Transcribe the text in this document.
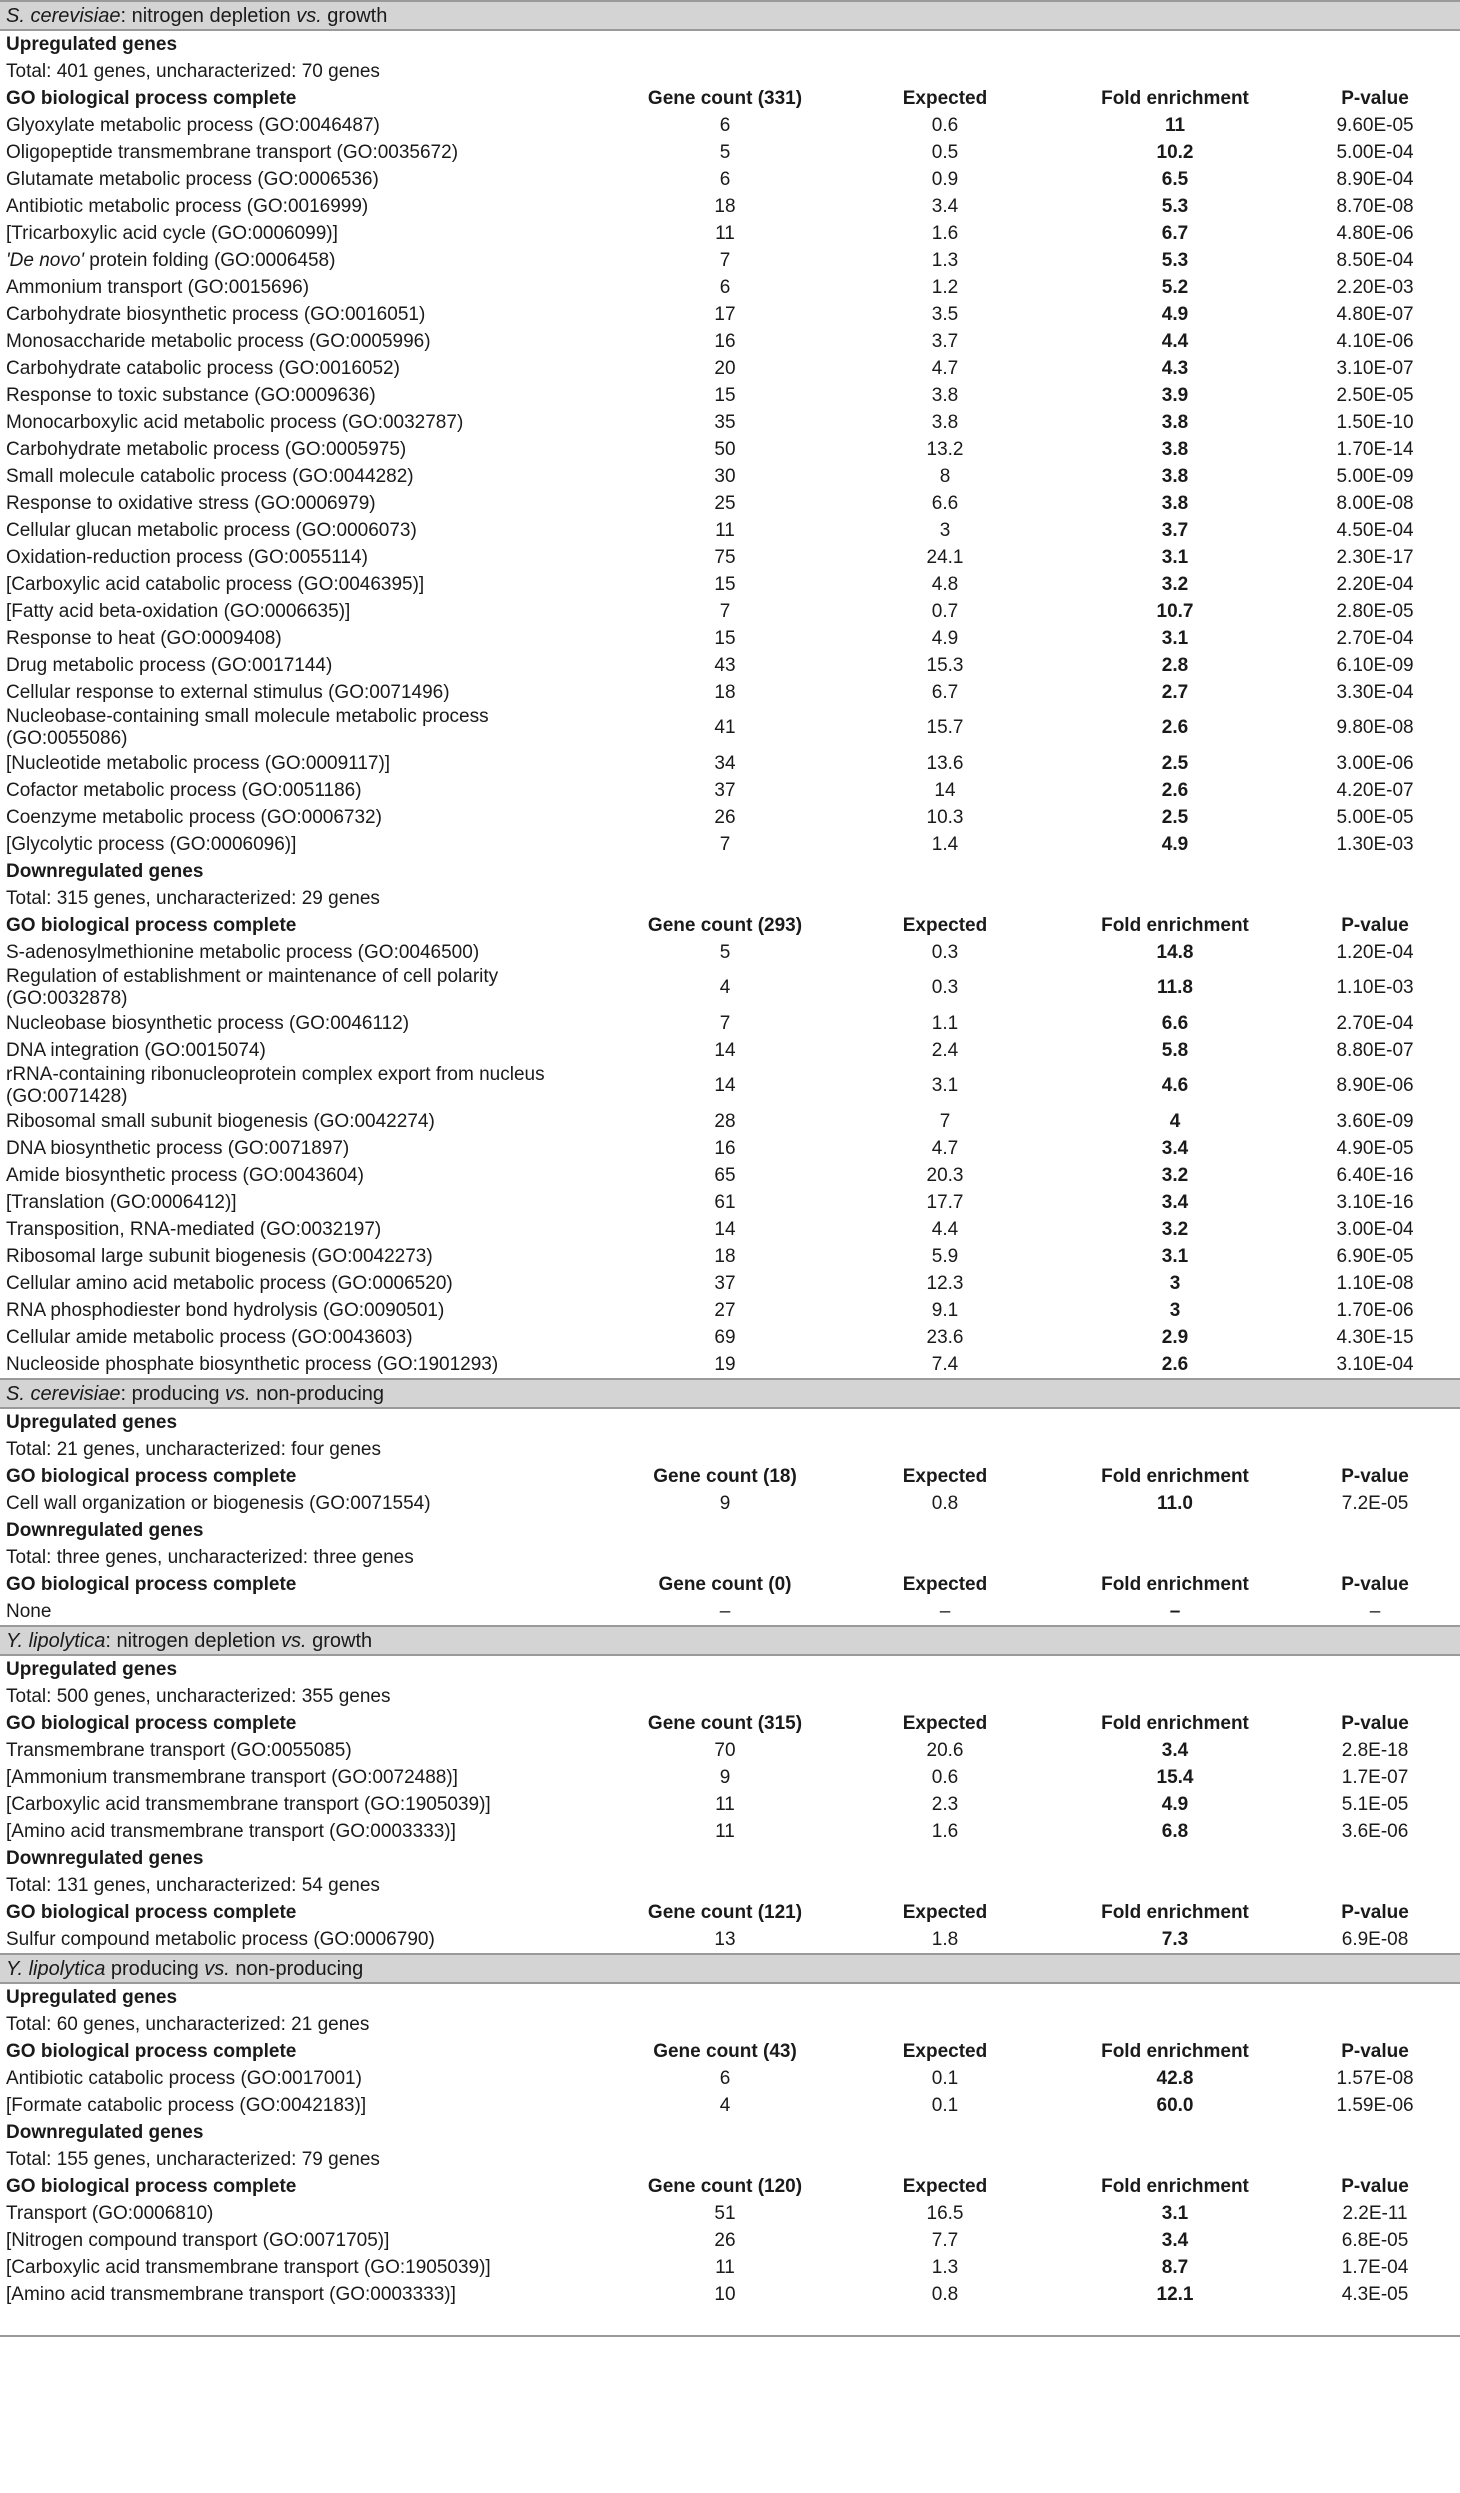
S. cerevisiae: nitrogen depletion vs. growth				
Upregulated genes				
Total: 401 genes, uncharacterized: 70 genes				
GO biological process complete	Gene count (331)	Expected	Fold enrichment	P-value
Glyoxylate metabolic process (GO:0046487)	6	0.6	11	9.60E-05
Oligopeptide transmembrane transport (GO:0035672)	5	0.5	10.2	5.00E-04
Glutamate metabolic process (GO:0006536)	6	0.9	6.5	8.90E-04
Antibiotic metabolic process (GO:0016999)	18	3.4	5.3	8.70E-08
[Tricarboxylic acid cycle (GO:0006099)]	11	1.6	6.7	4.80E-06
'De novo' protein folding (GO:0006458)	7	1.3	5.3	8.50E-04
Ammonium transport (GO:0015696)	6	1.2	5.2	2.20E-03
Carbohydrate biosynthetic process (GO:0016051)	17	3.5	4.9	4.80E-07
Monosaccharide metabolic process (GO:0005996)	16	3.7	4.4	4.10E-06
Carbohydrate catabolic process (GO:0016052)	20	4.7	4.3	3.10E-07
Response to toxic substance (GO:0009636)	15	3.8	3.9	2.50E-05
Monocarboxylic acid metabolic process (GO:0032787)	35	3.8	3.8	1.50E-10
Carbohydrate metabolic process (GO:0005975)	50	13.2	3.8	1.70E-14
Small molecule catabolic process (GO:0044282)	30	8	3.8	5.00E-09
Response to oxidative stress (GO:0006979)	25	6.6	3.8	8.00E-08
Cellular glucan metabolic process (GO:0006073)	11	3	3.7	4.50E-04
Oxidation-reduction process (GO:0055114)	75	24.1	3.1	2.30E-17
[Carboxylic acid catabolic process (GO:0046395)]	15	4.8	3.2	2.20E-04
[Fatty acid beta-oxidation (GO:0006635)]	7	0.7	10.7	2.80E-05
Response to heat (GO:0009408)	15	4.9	3.1	2.70E-04
Drug metabolic process (GO:0017144)	43	15.3	2.8	6.10E-09
Cellular response to external stimulus (GO:0071496)	18	6.7	2.7	3.30E-04
Nucleobase-containing small molecule metabolic process (GO:0055086)	41	15.7	2.6	9.80E-08
[Nucleotide metabolic process (GO:0009117)]	34	13.6	2.5	3.00E-06
Cofactor metabolic process (GO:0051186)	37	14	2.6	4.20E-07
Coenzyme metabolic process (GO:0006732)	26	10.3	2.5	5.00E-05
[Glycolytic process (GO:0006096)]	7	1.4	4.9	1.30E-03
Downregulated genes				
Total: 315 genes, uncharacterized: 29 genes				
GO biological process complete	Gene count (293)	Expected	Fold enrichment	P-value
S-adenosylmethionine metabolic process (GO:0046500)	5	0.3	14.8	1.20E-04
Regulation of establishment or maintenance of cell polarity (GO:0032878)	4	0.3	11.8	1.10E-03
Nucleobase biosynthetic process (GO:0046112)	7	1.1	6.6	2.70E-04
DNA integration (GO:0015074)	14	2.4	5.8	8.80E-07
rRNA-containing ribonucleoprotein complex export from nucleus (GO:0071428)	14	3.1	4.6	8.90E-06
Ribosomal small subunit biogenesis (GO:0042274)	28	7	4	3.60E-09
DNA biosynthetic process (GO:0071897)	16	4.7	3.4	4.90E-05
Amide biosynthetic process (GO:0043604)	65	20.3	3.2	6.40E-16
[Translation (GO:0006412)]	61	17.7	3.4	3.10E-16
Transposition, RNA-mediated (GO:0032197)	14	4.4	3.2	3.00E-04
Ribosomal large subunit biogenesis (GO:0042273)	18	5.9	3.1	6.90E-05
Cellular amino acid metabolic process (GO:0006520)	37	12.3	3	1.10E-08
RNA phosphodiester bond hydrolysis (GO:0090501)	27	9.1	3	1.70E-06
Cellular amide metabolic process (GO:0043603)	69	23.6	2.9	4.30E-15
Nucleoside phosphate biosynthetic process (GO:1901293)	19	7.4	2.6	3.10E-04
S. cerevisiae: producing vs. non-producing				
Upregulated genes				
Total: 21 genes, uncharacterized: four genes				
GO biological process complete	Gene count (18)	Expected	Fold enrichment	P-value
Cell wall organization or biogenesis (GO:0071554)	9	0.8	11.0	7.2E-05
Downregulated genes				
Total: three genes, uncharacterized: three genes				
GO biological process complete	Gene count (0)	Expected	Fold enrichment	P-value
None	–	–	–	–
Y. lipolytica: nitrogen depletion vs. growth				
Upregulated genes				
Total: 500 genes, uncharacterized: 355 genes				
GO biological process complete	Gene count (315)	Expected	Fold enrichment	P-value
Transmembrane transport (GO:0055085)	70	20.6	3.4	2.8E-18
[Ammonium transmembrane transport (GO:0072488)]	9	0.6	15.4	1.7E-07
[Carboxylic acid transmembrane transport (GO:1905039)]	11	2.3	4.9	5.1E-05
[Amino acid transmembrane transport (GO:0003333)]	11	1.6	6.8	3.6E-06
Downregulated genes				
Total: 131 genes, uncharacterized: 54 genes				
GO biological process complete	Gene count (121)	Expected	Fold enrichment	P-value
Sulfur compound metabolic process (GO:0006790)	13	1.8	7.3	6.9E-08
Y. lipolytica producing vs. non-producing				
Upregulated genes				
Total: 60 genes, uncharacterized: 21 genes				
GO biological process complete	Gene count (43)	Expected	Fold enrichment	P-value
Antibiotic catabolic process (GO:0017001)	6	0.1	42.8	1.57E-08
[Formate catabolic process (GO:0042183)]	4	0.1	60.0	1.59E-06
Downregulated genes				
Total: 155 genes, uncharacterized: 79 genes				
GO biological process complete	Gene count (120)	Expected	Fold enrichment	P-value
Transport (GO:0006810)	51	16.5	3.1	2.2E-11
[Nitrogen compound transport (GO:0071705)]	26	7.7	3.4	6.8E-05
[Carboxylic acid transmembrane transport (GO:1905039)]	11	1.3	8.7	1.7E-04
[Amino acid transmembrane transport (GO:0003333)]	10	0.8	12.1	4.3E-05
